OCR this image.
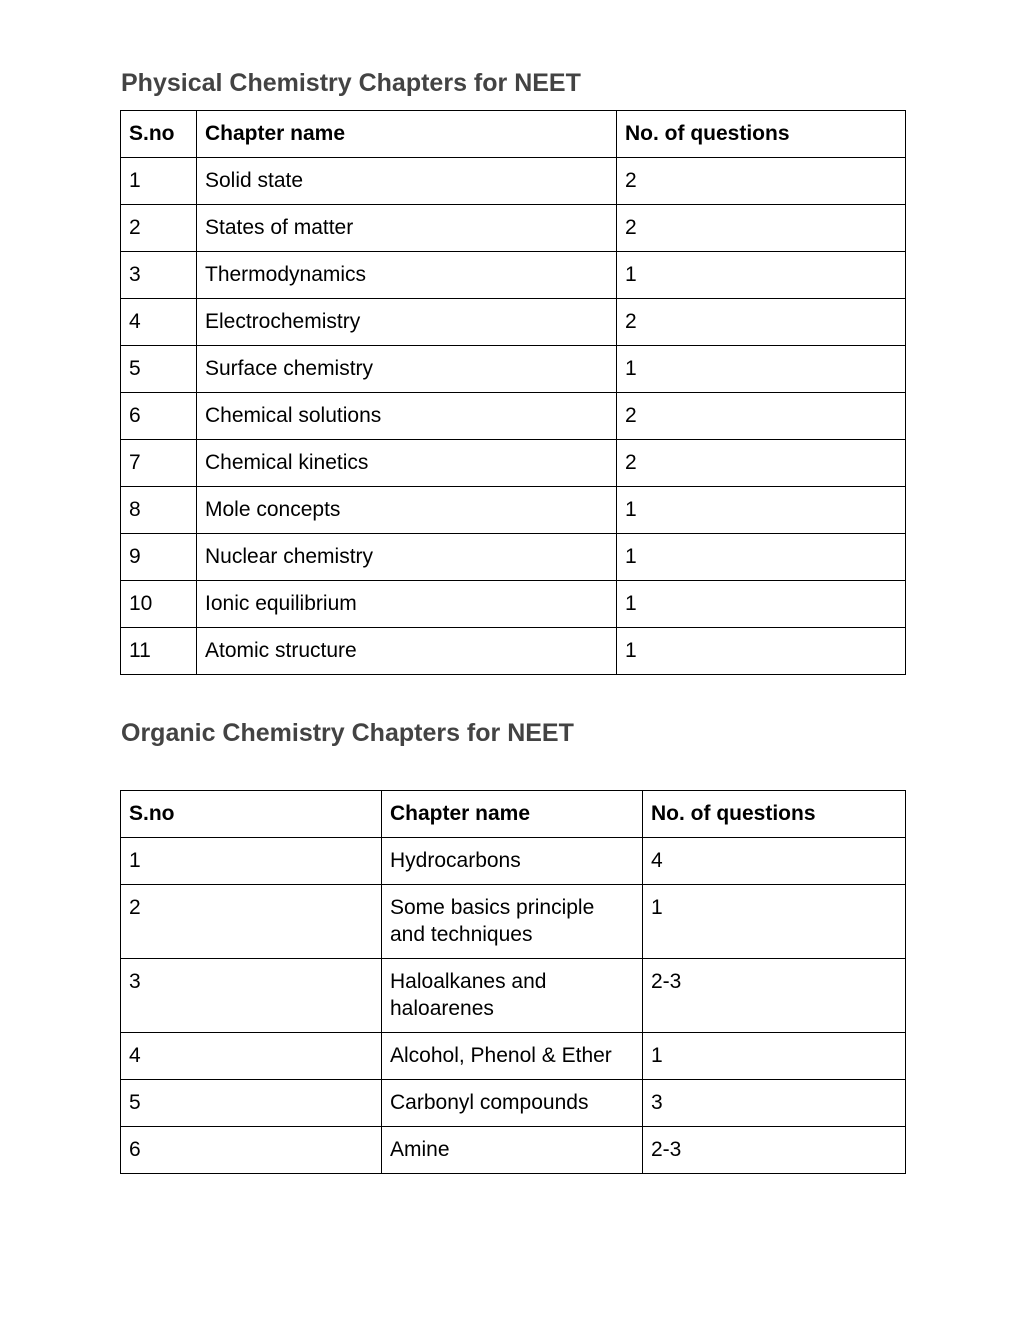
Physical Chemistry Chapters for NEET
S.no	Chapter name	No. of questions
1	Solid state	2
2	States of matter	2
3	Thermodynamics	1
4	Electrochemistry	2
5	Surface chemistry	1
6	Chemical solutions	2
7	Chemical kinetics	2
8	Mole concepts	1
9	Nuclear chemistry	1
10	Ionic equilibrium	1
11	Atomic structure	1
Organic Chemistry Chapters for NEET
S.no	Chapter name	No. of questions
1	Hydrocarbons	4
2	Some basics principle and techniques	1
3	Haloalkanes and haloarenes	2-3
4	Alcohol, Phenol & Ether	1
5	Carbonyl compounds	3
6	Amine	2-3
